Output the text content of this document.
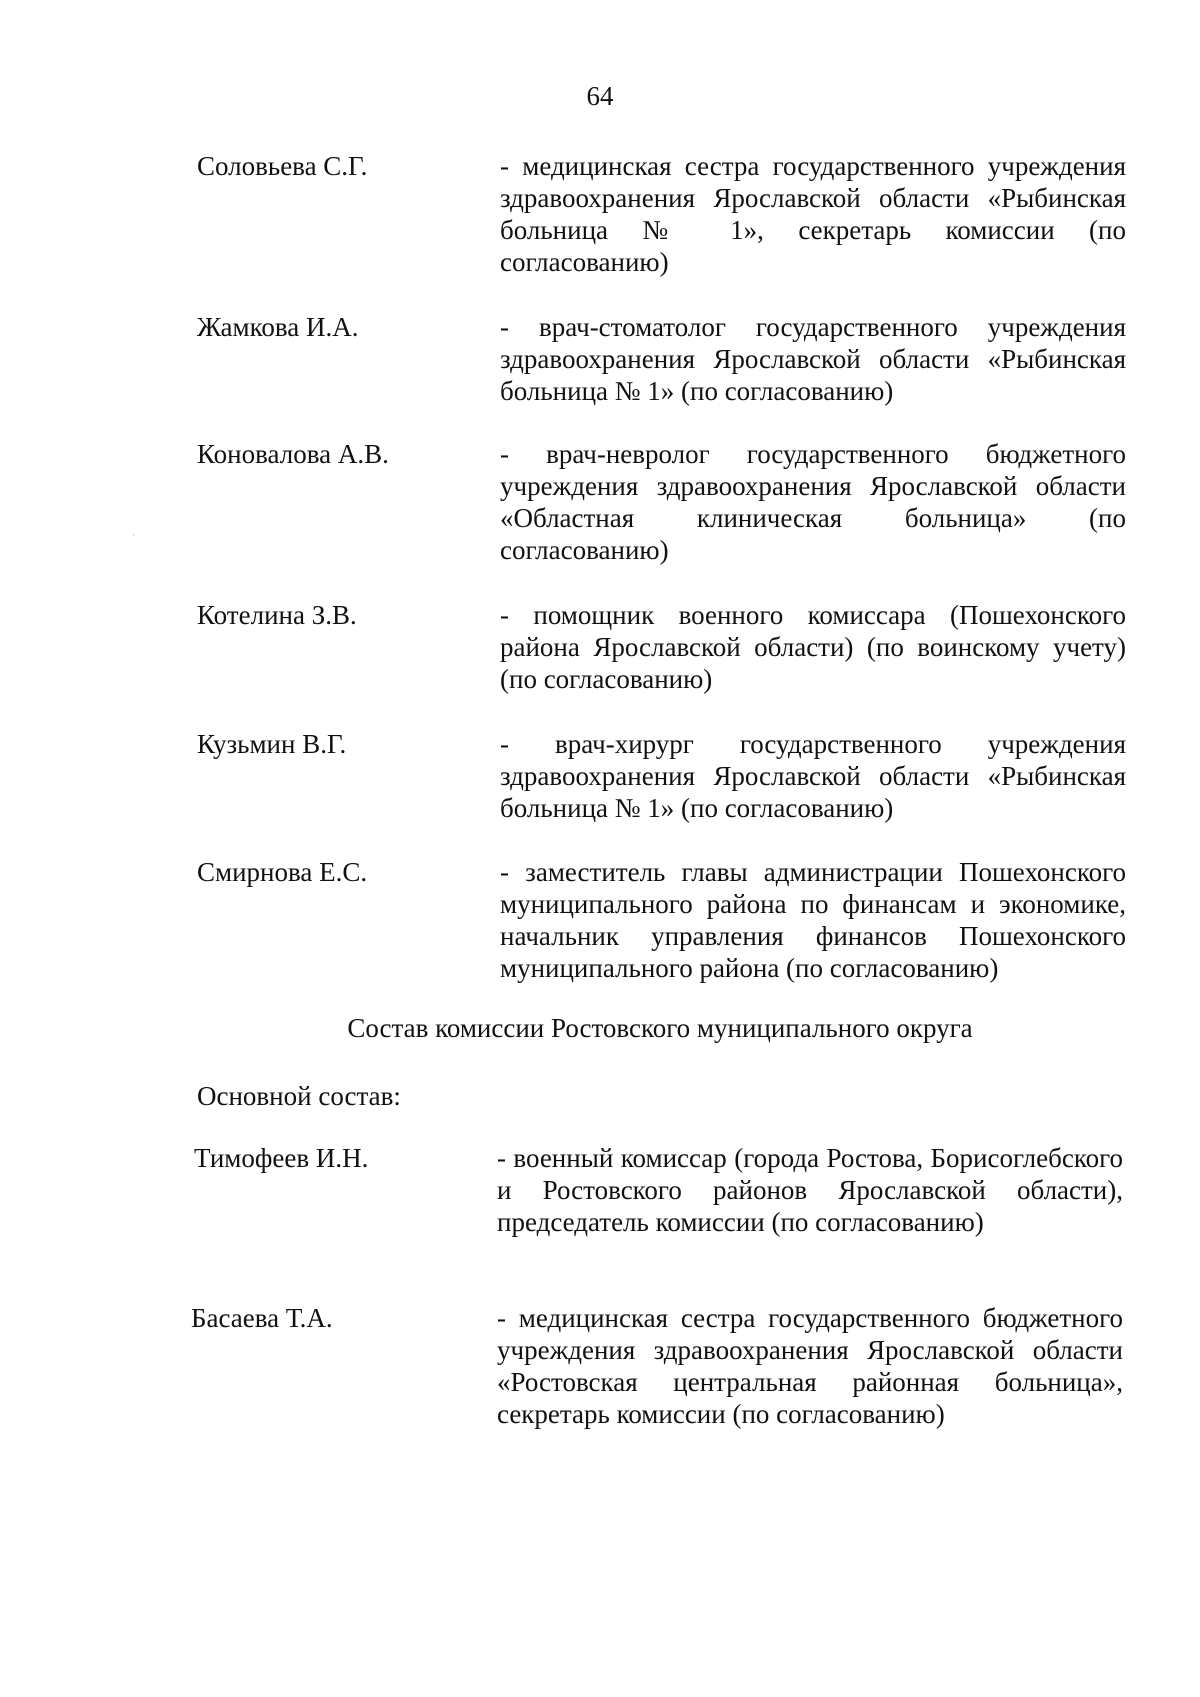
64
Соловьева С.Г.	- медицинская сестра государственного учреждения здравоохранения Ярославской области «Рыбинская больница № 1», секретарь комиссии (по согласованию)
Жамкова И.А.	- врач-стоматолог государственного учреждения здравоохранения Ярославской области «Рыбинская больница № 1» (по согласованию)
Коновалова А.В.	- врач-невролог государственного бюджетного учреждения здравоохранения Ярославской области «Областная клиническая больница» (по согласованию)
Котелина З.В.	- помощник военного комиссара (Пошехонского района Ярославской области) (по воинскому учету) (по согласованию)
Кузьмин В.Г.	- врач-хирург государственного учреждения здравоохранения Ярославской области «Рыбинская больница № 1» (по согласованию)
Смирнова Е.С.	- заместитель главы администрации Пошехонского муниципального района по финансам и экономике, начальник управления финансов Пошехонского муниципального района (по согласованию)
Состав комиссии Ростовского муниципального округа
Основной состав:
Тимофеев И.Н.	- военный комиссар (города Ростова, Борисоглебского и Ростовского районов Ярославской области), председатель комиссии (по согласованию)
Басаева Т.А.	- медицинская сестра государственного бюджетного учреждения здравоохранения Ярославской области «Ростовская центральная районная больница», секретарь комиссии (по согласованию)
